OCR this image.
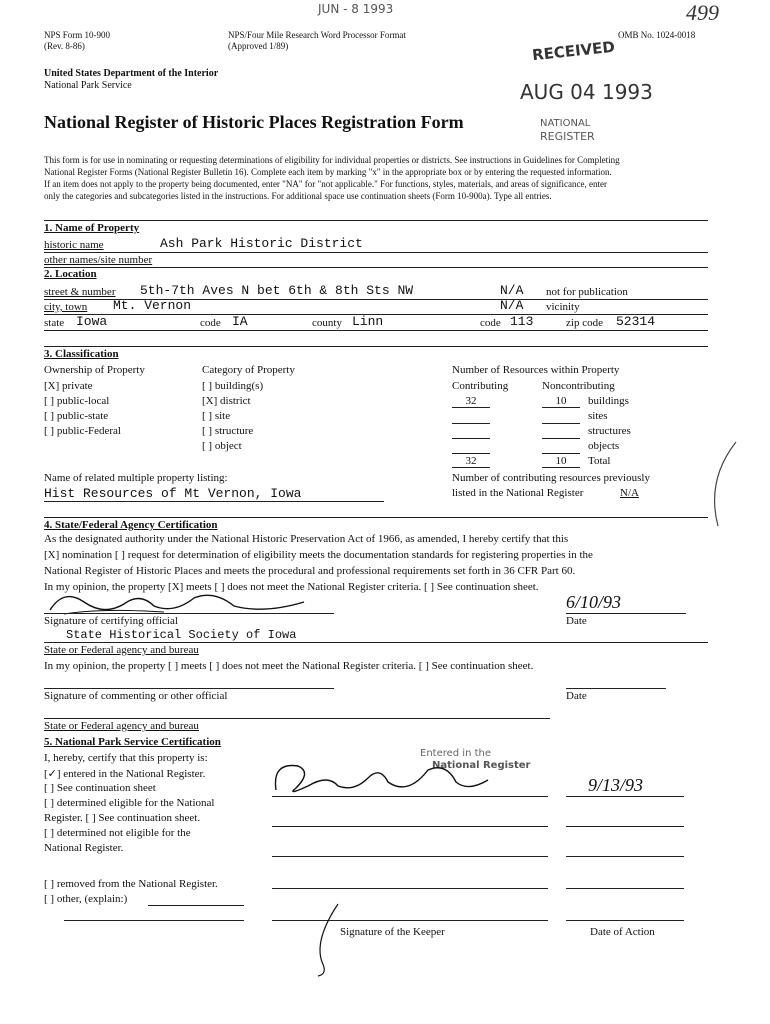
NPS Form 10-900
(Rev. 8-86)
NPS/Four Mile Research Word Processor Format
(Approved 1/89)
OMB No. 1024-0018
JUN - 8 1993	499
United States Department of the Interior
National Park Service
RECEIVED
AUG 04 1993
NATIONAL
REGISTER
National Register of Historic Places Registration Form
This form is for use in nominating or requesting determinations of eligibility for individual properties or districts. See instructions in Guidelines for Completing
National Register Forms (National Register Bulletin 16). Complete each item by marking "x" in the appropriate box or by entering the requested information.
If an item does not apply to the property being documented, enter "NA" for "not applicable." For functions, styles, materials, and areas of significance, enter
only the categories and subcategories listed in the instructions. For additional space use continuation sheets (Form 10-900a). Type all entries.
1. Name of Property
historic name	Ash Park Historic District
other names/site number
2. Location
street & number 5th-7th Aves N bet 6th & 8th Sts NW	N/A not for publication
city, town Mt. Vernon	N/A vicinity
state Iowa	code IA	county Linn	code 113	zip code 52314
3. Classification
Ownership of Property
[X] private
[ ] public-local
[ ] public-state
[ ] public-Federal
Category of Property
[ ] building(s)
[X] district
[ ] site
[ ] structure
[ ] object
Number of Resources within Property
Contributing	Noncontributing
32	10	buildings
sites
structures
objects
32	10	Total
Name of related multiple property listing:
Hist Resources of Mt Vernon, Iowa
Number of contributing resources previously
listed in the National Register	N/A
4. State/Federal Agency Certification
As the designated authority under the National Historic Preservation Act of 1966, as amended, I hereby certify that this
[X] nomination [ ] request for determination of eligibility meets the documentation standards for registering properties in the
National Register of Historic Places and meets the procedural and professional requirements set forth in 36 CFR Part 60.
In my opinion, the property [X] meets [ ] does not meet the National Register criteria. [ ] See continuation sheet.
6/10/93
Signature of certifying official	Date
State Historical Society of Iowa
State or Federal agency and bureau
In my opinion, the property [ ] meets [ ] does not meet the National Register criteria. [ ] See continuation sheet.
Signature of commenting or other official	Date
State or Federal agency and bureau
5. National Park Service Certification
I, hereby, certify that this property is:
[✓] entered in the National Register.
[ ] See continuation sheet
[ ] determined eligible for the National
Register. [ ] See continuation sheet.
[ ] determined not eligible for the
National Register.
[ ] removed from the National Register.
[ ] other, (explain:)
Entered in the
National Register
9/13/93
Signature of the Keeper	Date of Action
